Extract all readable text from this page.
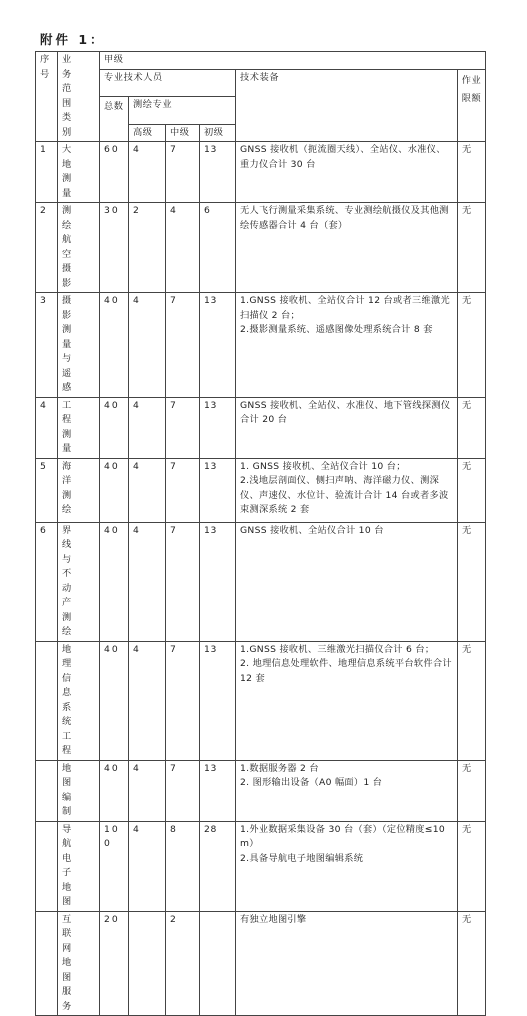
附件 1：
序号	业 务 范 围 类别	甲级					
		专业技术人员				技术装备	作业限额
		总数	测绘专业				
			高级	中级	初级		
1	大地测量	60	4	7	13	GNSS 接收机（扼流圈天线）、全站仪、水准仪、重力仪合计 30 台	无
2	测绘航空摄影	30	2	4	6	无人飞行测量采集系统、专业测绘航摄仪及其他测绘传感器合计 4 台（套）	无
3	摄影测量与遥感	40	4	7	13	1.GNSS 接收机、全站仪合计 12 台或者三维激光扫描仪 2 台；
2.摄影测量系统、遥感图像处理系统合计 8 套	无
4	工程测量	40	4	7	13	GNSS 接收机、全站仪、水准仪、地下管线探测仪合计 20 台	无
5	海洋测绘	40	4	7	13	1. GNSS 接收机、全站仪合计 10 台；
2.浅地层剖面仪、侧扫声呐、海洋磁力仪、测深仪、声速仪、水位计、验流计合计 14 台或者多波束测深系统 2 套	无
6	界线与不动产测绘	40	4	7	13	GNSS 接收机、全站仪合计 10 台	无
	地理信息系统工程	40	4	7	13	1.GNSS 接收机、三维激光扫描仪合计 6 台；
2. 地理信息处理软件、地理信息系统平台软件合计 12 套	无
	地图编制	40	4	7	13	1.数据服务器 2 台
2. 图形输出设备（A0 幅面）1 台	无
	导航电子地图	100	4	8	28	1.外业数据采集设备 30 台（套）（定位精度≤10m）
2.具备导航电子地图编辑系统	无
	互联网地图服务	20		2		有独立地图引擎	无
